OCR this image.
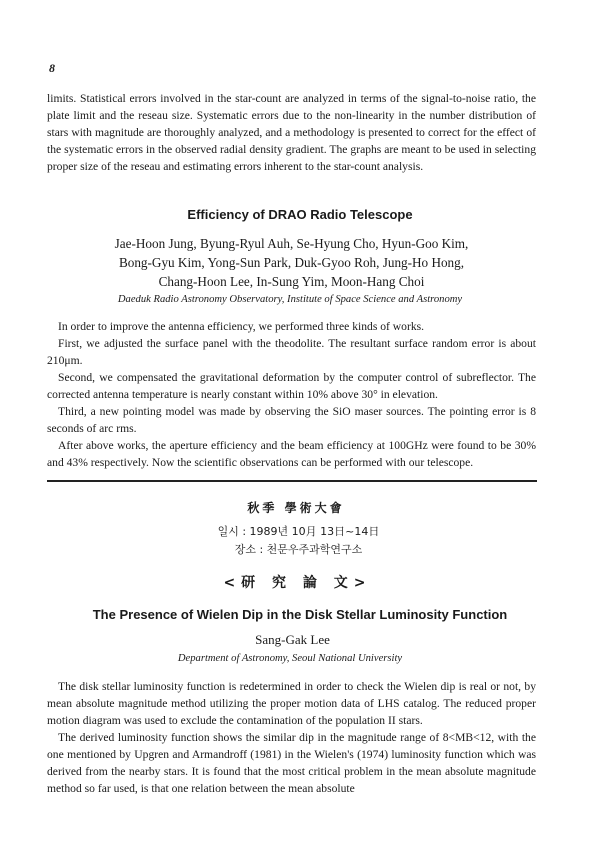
8

limits. Statistical errors involved in the star-count are analyzed in terms of the signal-to-noise ratio, the plate limit and the reseau size. Systematic errors due to the non-linearity in the number distribution of stars with magnitude are thoroughly analyzed, and a methodology is presented to correct for the effect of the systematic errors in the observed radial density gradient. The graphs are meant to be used in selecting proper size of the reseau and estimating errors inherent to the star-count analysis.

Efficiency of DRAO Radio Telescope

Jae-Hoon Jung, Byung-Ryul Auh, Se-Hyung Cho, Hyun-Goo Kim,

Bong-Gyu Kim, Yong-Sun Park, Duk-Gyoo Roh, Jung-Ho Hong,

Chang-Hoon Lee, In-Sung Yim, Moon-Hang Choi

Daeduk Radio Astronomy Observatory, Institute of Space Science and Astronomy

In order to improve the antenna efficiency, we performed three kinds of works.

First, we adjusted the surface panel with the theodolite. The resultant surface random error is about 210μm.

Second, we compensated the gravitational deformation by the computer control of subreflector. The corrected antenna temperature is nearly constant within 10% above 30° in elevation.

Third, a new pointing model was made by observing the SiO maser sources. The pointing error is 8 seconds of arc rms.

After above works, the aperture efficiency and the beam efficiency at 100GHz were found to be 30% and 43% respectively. Now the scientific observations can be performed with our telescope.

秋季 學術大會

일시 : 1989년 10月 13日~14日

장소 : 천문우주과학연구소

<研 究 論 文>
The Presence of Wielen Dip in the Disk Stellar Luminosity Function

Sang-Gak Lee

Department of Astronomy, Seoul National University

The disk stellar luminosity function is redetermined in order to check the Wielen dip is real or not, by mean absolute magnitude method utilizing the proper motion data of LHS catalog. The reduced proper motion diagram was used to exclude the contamination of the population II stars.

The derived luminosity function shows the similar dip in the magnitude range of 8<MB<12, with the one mentioned by Upgren and Armandroff (1981) in the Wielen's (1974) luminosity function which was derived from the nearby stars. It is found that the most critical problem in the mean absolute magnitude method so far used, is that one relation between the mean absolute
